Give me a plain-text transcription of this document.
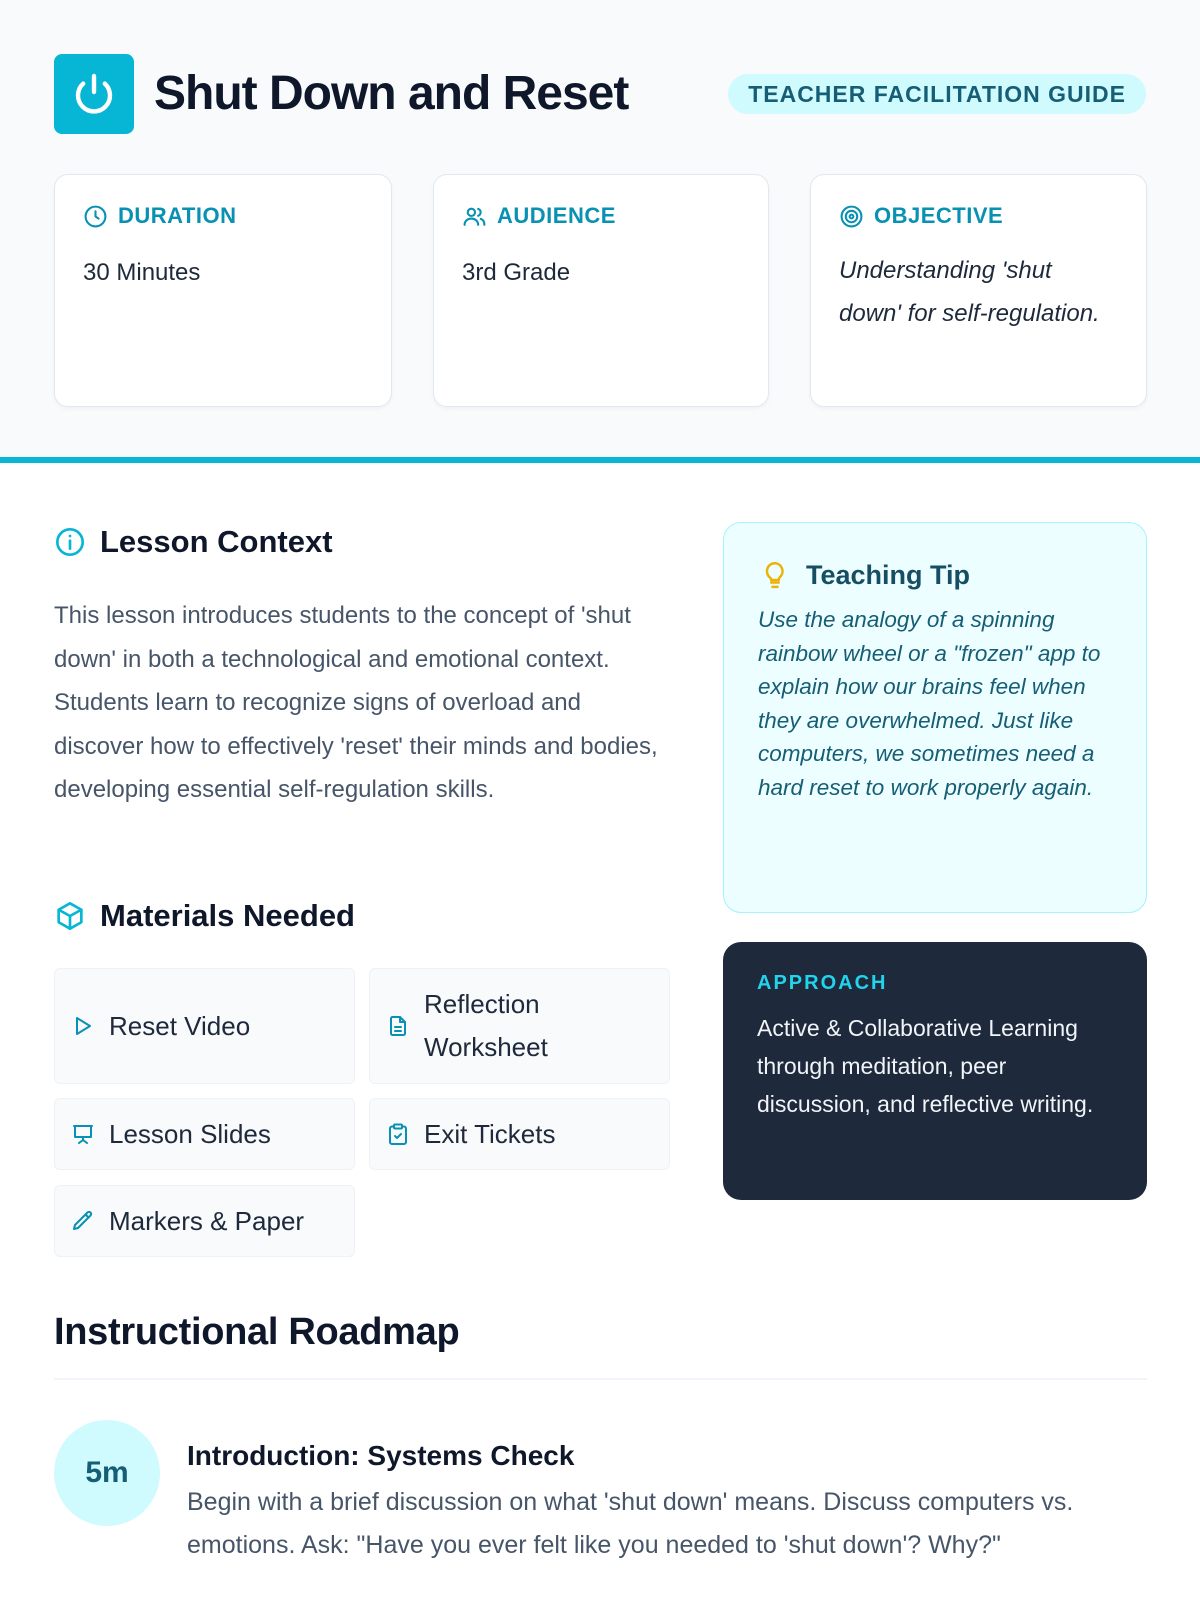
Shut Down and Reset	TEACHER FACILITATION GUIDE
DURATION
30 Minutes
AUDIENCE
3rd Grade
OBJECTIVE
Understanding 'shut down' for self-regulation.
Lesson Context

This lesson introduces students to the concept of 'shut down' in both a technological and emotional context. Students learn to recognize signs of overload and discover how to effectively 'reset' their minds and bodies, developing essential self-regulation skills.

Materials Needed
Reset Video
Reflection Worksheet
Lesson Slides	Exit Tickets
Markers & Paper
Teaching Tip

Use the analogy of a spinning rainbow wheel or a "frozen" app to explain how our brains feel when they are overwhelmed. Just like computers, we sometimes need a hard reset to work properly again.

APPROACH

Active & Collaborative Learning through meditation, peer discussion, and reflective writing.

Instructional Roadmap
5m
Introduction: Systems Check

Begin with a brief discussion on what 'shut down' means. Discuss computers vs. emotions. Ask: "Have you ever felt like you needed to 'shut down'? Why?"
